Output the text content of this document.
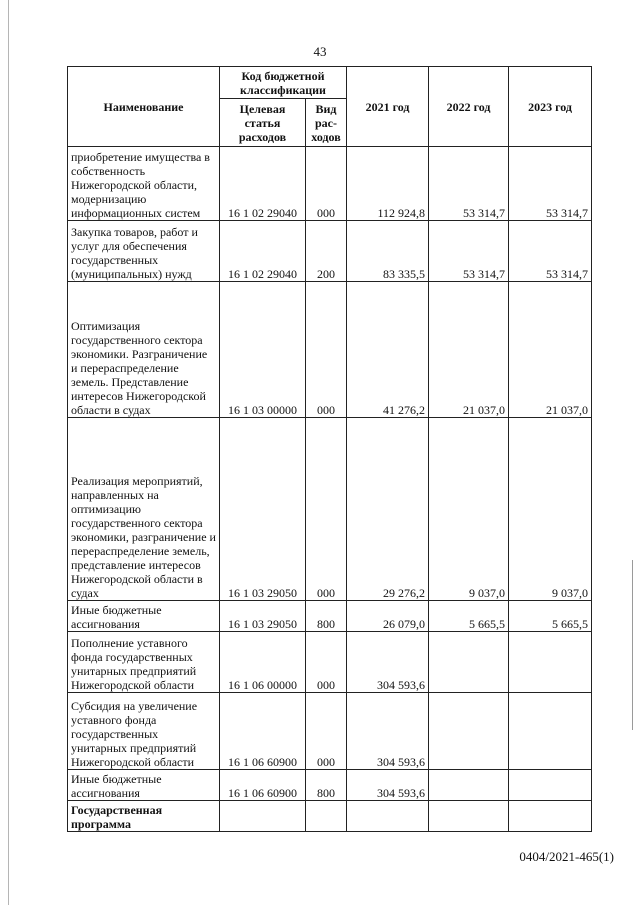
43
Наименование	Код бюджетной классификации		2021 год	2022 год	2023 год
	Целевая статья расходов	Вид рас-ходов			
приобретение имущества в собственность Нижегородской области, модернизацию информационных систем	16 1 02 29040	000	112 924,8	53 314,7	53 314,7
Закупка товаров, работ и услуг для обеспечения государственных (муниципальных) нужд	16 1 02 29040	200	83 335,5	53 314,7	53 314,7
Оптимизация государственного сектора экономики. Разграничение и перераспределение земель. Представление интересов Нижегородской области в судах	16 1 03 00000	000	41 276,2	21 037,0	21 037,0
Реализация мероприятий, направленных на оптимизацию государственного сектора экономики, разграничение и перераспределение земель, представление интересов Нижегородской области в судах	16 1 03 29050	000	29 276,2	9 037,0	9 037,0
Иные бюджетные ассигнования	16 1 03 29050	800	26 079,0	5 665,5	5 665,5
Пополнение уставного фонда государственных унитарных предприятий Нижегородской области	16 1 06 00000	000	304 593,6		
Субсидия на увеличение уставного фонда государственных унитарных предприятий Нижегородской области	16 1 06 60900	000	304 593,6		
Иные бюджетные ассигнования	16 1 06 60900	800	304 593,6		
Государственная программа					
0404/2021-465(1)
